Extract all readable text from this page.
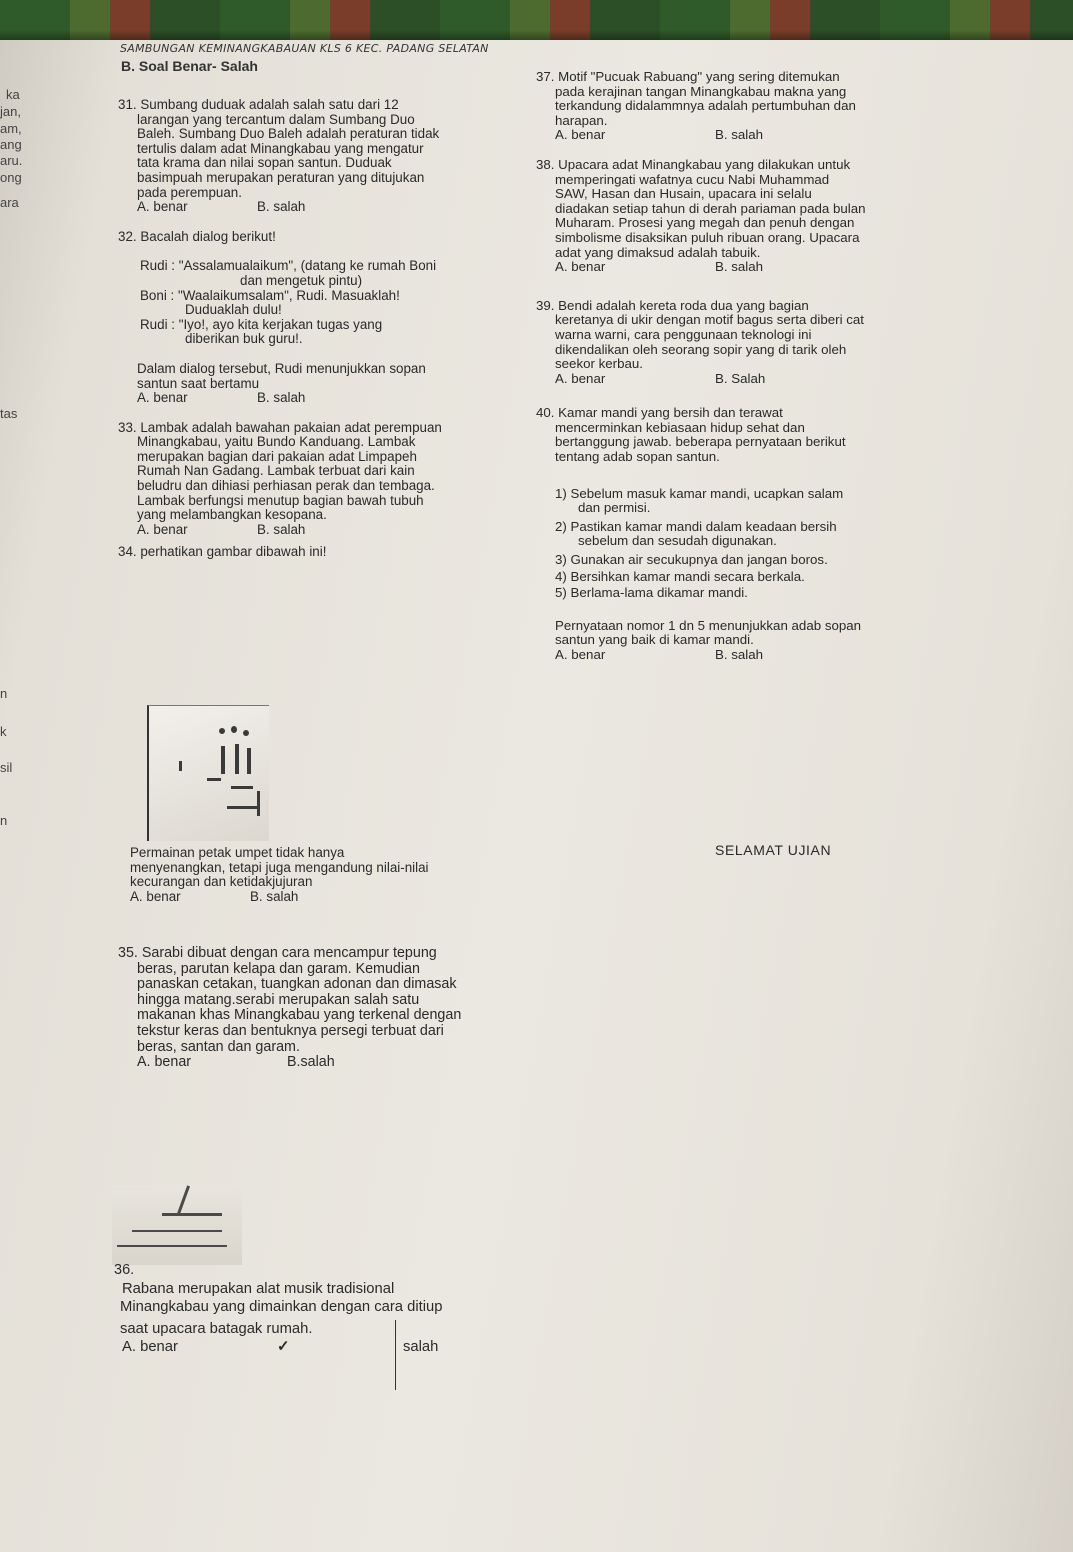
SAMBUNGAN KEMINANGKABAUAN KLS 6 KEC. PADANG SELATAN
B. Soal Benar- Salah
ka
jan,
am,
ang
aru.
ong
ara
tas
n
k
sil
n

31. Sumbang duduak adalah salah satu dari 12

larangan yang tercantum dalam Sumbang Duo

Baleh. Sumbang Duo Baleh adalah peraturan tidak

tertulis dalam adat Minangkabau yang mengatur

tata krama dan nilai sopan santun. Duduak

basimpuah merupakan peraturan yang ditujukan

pada perempuan.

A. benar	B. salah

32. Bacalah dialog berikut!

Rudi : "Assalamualaikum", (datang ke rumah Boni

dan mengetuk pintu)

Boni : "Waalaikumsalam", Rudi. Masuaklah!

Duduaklah dulu!

Rudi : "Iyo!, ayo kita kerjakan tugas yang

diberikan buk guru!.

Dalam dialog tersebut, Rudi menunjukkan sopan

santun saat bertamu

A. benar	B. salah

33. Lambak adalah bawahan pakaian adat perempuan

Minangkabau, yaitu Bundo Kanduang. Lambak

merupakan bagian dari pakaian adat Limpapeh

Rumah Nan Gadang. Lambak terbuat dari kain

beludru dan dihiasi perhiasan perak dan tembaga.

Lambak berfungsi menutup bagian bawah tubuh

yang melambangkan kesopana.

A. benar	B. salah

34. perhatikan gambar dibawah ini!

Permainan petak umpet tidak hanya

menyenangkan, tetapi juga mengandung nilai-nilai

kecurangan dan ketidakjujuran

A. benar	B. salah

35. Sarabi dibuat dengan cara mencampur tepung

beras, parutan kelapa dan garam. Kemudian

panaskan cetakan, tuangkan adonan dan dimasak

hingga matang.serabi merupakan salah satu

makanan khas Minangkabau yang terkenal dengan

tekstur keras dan bentuknya persegi terbuat dari

beras, santan dan garam.

A. benar	B.salah
36.

Rabana merupakan alat musik tradisional

Minangkabau yang dimainkan dengan cara ditiup

saat upacara batagak rumah.

A. benar	✓	salah

37. Motif "Pucuak Rabuang" yang sering ditemukan

pada kerajinan tangan Minangkabau makna yang

terkandung didalammnya adalah pertumbuhan dan

harapan.

A. benar	B. salah

38. Upacara adat Minangkabau yang dilakukan untuk

memperingati wafatnya cucu Nabi Muhammad

SAW, Hasan dan Husain, upacara ini selalu

diadakan setiap tahun di derah pariaman pada bulan

Muharam. Prosesi yang megah dan penuh dengan

simbolisme disaksikan puluh ribuan orang. Upacara

adat yang dimaksud adalah tabuik.

A. benar	B. salah

39. Bendi adalah kereta roda dua yang bagian

keretanya di ukir dengan motif bagus serta diberi cat

warna warni, cara penggunaan teknologi ini

dikendalikan oleh seorang sopir yang di tarik oleh

seekor kerbau.

A. benar	B. Salah

40. Kamar mandi yang bersih dan terawat

mencerminkan kebiasaan hidup sehat dan

bertanggung jawab. beberapa pernyataan berikut

tentang adab sopan santun.

1) Sebelum masuk kamar mandi, ucapkan salam

dan permisi.

2) Pastikan kamar mandi dalam keadaan bersih

sebelum dan sesudah digunakan.

3) Gunakan air secukupnya dan jangan boros.

4) Bersihkan kamar mandi secara berkala.

5) Berlama-lama dikamar mandi.

Pernyataan nomor 1 dn 5 menunjukkan adab sopan

santun yang baik di kamar mandi.

A. benar	B. salah
SELAMAT UJIAN
